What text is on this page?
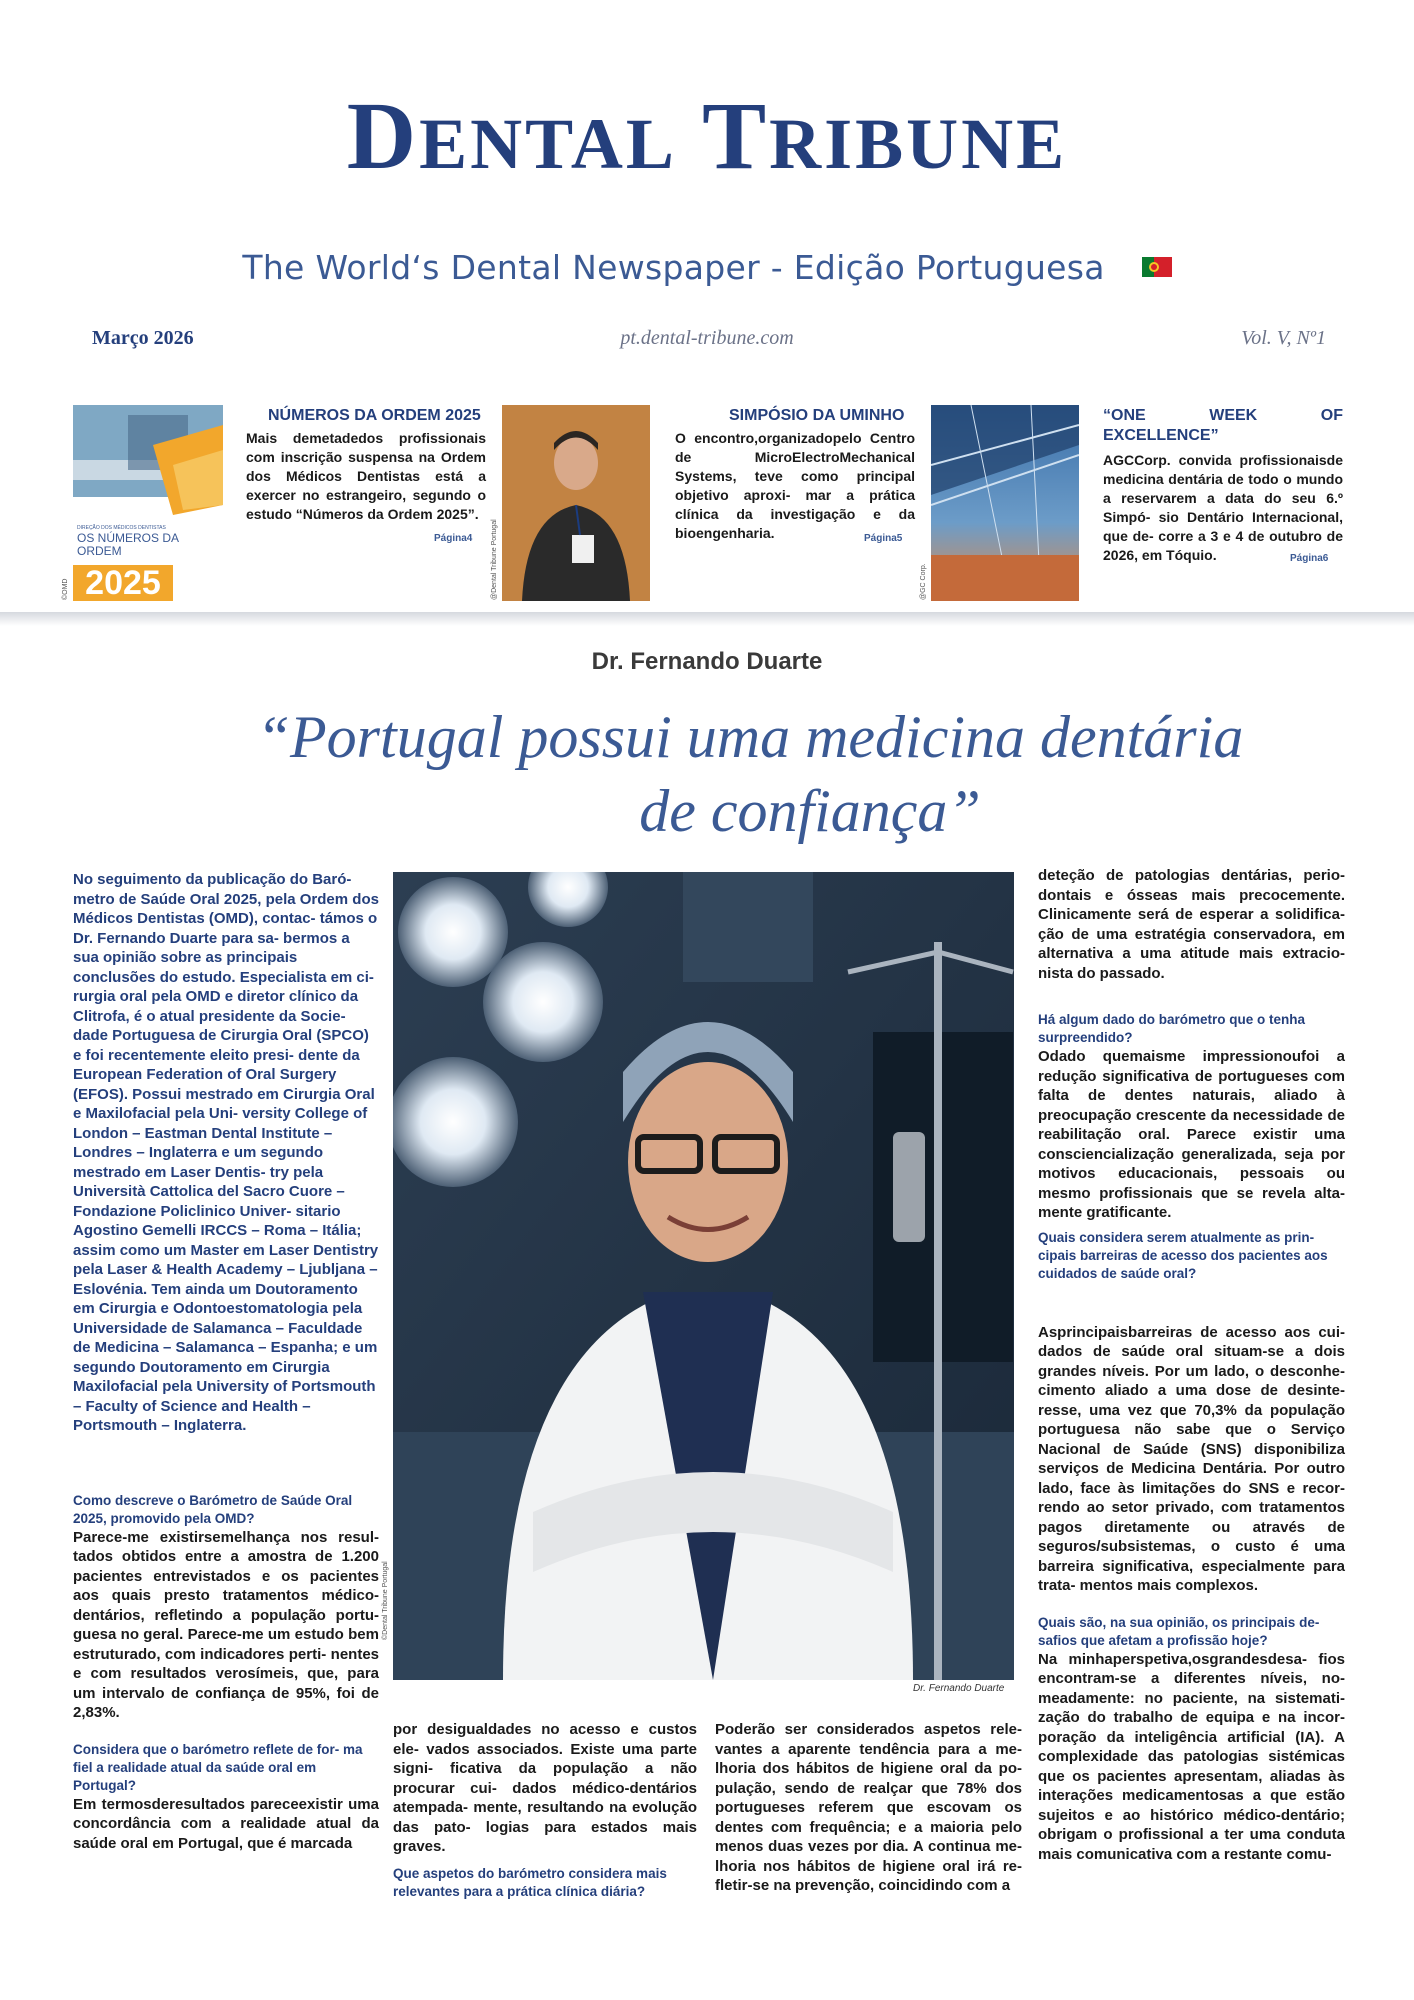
DENTAL TRIBUNE
The World‘s Dental Newspaper - Edição Portuguesa
Março 2026	pt.dental-tribune.com	Vol. V, Nº1
DIREÇÃO DOS MÉDICOS DENTISTAS
OS NÚMEROS DA ORDEM
2025
©OMD
NÚMEROS DA ORDEM 2025
Mais demetadedos profissionais com inscrição suspensa na Ordem dos Médicos Dentistas está a exercer no estrangeiro, segundo o estudo “Números da Ordem 2025”.
Página4	@Dental Tribune Portugal
SIMPÓSIO DA UMINHO
O encontro,organizadopelo Centro de MicroElectroMechanical Systems, teve como principal objetivo aproxi- mar a prática clínica da investigação e da bioengenharia.	Página5
@GC Corp.
“ONE WEEK OF EXCELLENCE”
AGCCorp. convida profissionaisde medicina dentária de todo o mundo a reservarem a data do seu 6.º Simpó- sio Dentário Internacional, que de- corre a 3 e 4 de outubro de 2026, em Tóquio.	Página6
Dr. Fernando Duarte
“Portugal possui uma medicina dentária
de confiança”

No seguimento da publicação do Baró- metro de Saúde Oral 2025, pela Ordem dos Médicos Dentistas (OMD), contac- támos o Dr. Fernando Duarte para sa- bermos a sua opinião sobre as principais conclusões do estudo. Especialista em ci- rurgia oral pela OMD e diretor clínico da Clitrofa, é o atual presidente da Socie- dade Portuguesa de Cirurgia Oral (SPCO) e foi recentemente eleito presi- dente da European Federation of Oral Surgery (EFOS). Possui mestrado em Cirurgia Oral e Maxilofacial pela Uni- versity College of London – Eastman Dental Institute – Londres – Inglaterra e um segundo mestrado em Laser Dentis- try pela Università Cattolica del Sacro Cuore – Fondazione Policlinico Univer- sitario Agostino Gemelli IRCCS – Roma – Itália; assim como um Master em Laser Dentistry pela Laser & Health Academy – Ljubljana – Eslovénia. Tem ainda um Doutoramento em Cirurgia e Odontoestomatologia pela Universidade de Salamanca – Faculdade de Medicina – Salamanca – Espanha; e um segundo Doutoramento em Cirurgia Maxilofacial pela University of Portsmouth – Faculty of Science and Health – Portsmouth – Inglaterra.

Como descreve o Barómetro de Saúde Oral 2025, promovido pela OMD?

Parece-me existirsemelhança nos resul- tados obtidos entre a amostra de 1.200 pacientes entrevistados e os pacientes aos quais presto tratamentos médico- dentários, refletindo a população portu- guesa no geral. Parece-me um estudo bem estruturado, com indicadores perti- nentes e com resultados verosímeis, que, para um intervalo de confiança de 95%, foi de 2,83%.

Considera que o barómetro reflete de for- ma fiel a realidade atual da saúde oral em Portugal?

Em termosderesultados pareceexistir uma concordância com a realidade atual da saúde oral em Portugal, que é marcada

©Dental Tribune Portugal
Dr. Fernando Duarte

por desigualdades no acesso e custos ele- vados associados. Existe uma parte signi- ficativa da população a não procurar cui- dados médico-dentários atempada- mente, resultando na evolução das pato- logias para estados mais graves.

Que aspetos do barómetro considera mais relevantes para a prática clínica diária?

Poderão ser considerados aspetos rele- vantes a aparente tendência para a me- lhoria dos hábitos de higiene oral da po- pulação, sendo de realçar que 78% dos portugueses referem que escovam os dentes com frequência; e a maioria pelo menos duas vezes por dia. A continua me- lhoria nos hábitos de higiene oral irá re- fletir-se na prevenção, coincidindo com a

deteção de patologias dentárias, perio- dontais e ósseas mais precocemente. Clinicamente será de esperar a solidifica- ção de uma estratégia conservadora, em alternativa a uma atitude mais extracio- nista do passado.

Há algum dado do barómetro que o tenha surpreendido?

Odado quemaisme impressionoufoi a redução significativa de portugueses com falta de dentes naturais, aliado à preocupação crescente da necessidade de reabilitação oral. Parece existir uma consciencialização generalizada, seja por motivos educacionais, pessoais ou mesmo profissionais que se revela alta- mente gratificante.

Quais considera serem atualmente as prin- cipais barreiras de acesso dos pacientes aos cuidados de saúde oral?

Asprincipaisbarreiras de acesso aos cui- dados de saúde oral situam-se a dois grandes níveis. Por um lado, o desconhe- cimento aliado a uma dose de desinte- resse, uma vez que 70,3% da população portuguesa não sabe que o Serviço Nacional de Saúde (SNS) disponibiliza serviços de Medicina Dentária. Por outro lado, face às limitações do SNS e recor- rendo ao setor privado, com tratamentos pagos diretamente ou através de seguros/subsistemas, o custo é uma barreira significativa, especialmente para trata- mentos mais complexos.

Quais são, na sua opinião, os principais de- safios que afetam a profissão hoje?

Na minhaperspetiva,osgrandesdesa- fios encontram-se a diferentes níveis, no- meadamente: no paciente, na sistemati- zação do trabalho de equipa e na incor- poração da inteligência artificial (IA). A complexidade das patologias sistémicas que os pacientes apresentam, aliadas às interações medicamentosas a que estão sujeitos e ao histórico médico-dentário; obrigam o profissional a ter uma conduta mais comunicativa com a restante comu-
